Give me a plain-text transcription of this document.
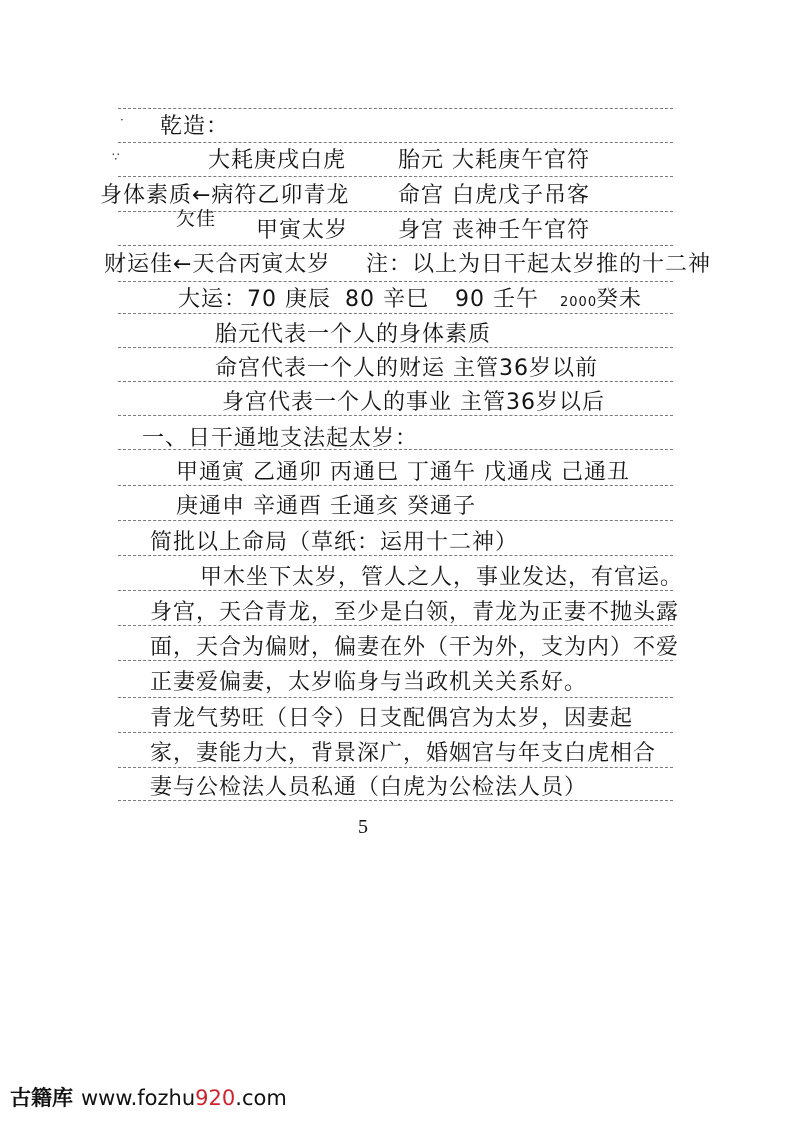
·
∵
乾造：
大耗庚戌白虎 胎元 大耗庚午官符
身体素质←病符乙卯青龙
欠佳
命宫 白虎戊子吊客
甲寅太岁 身宫 丧神壬午官符
财运佳←天合丙寅太岁 注：以上为日干起太岁推的十二神
大运：70 庚辰 80 辛巳 90 壬午 2000
癸未
胎元代表一个人的身体素质
命宫代表一个人的财运 主管36岁以前
身宫代表一个人的事业 主管36岁以后
一、日干通地支法起太岁：
甲通寅 乙通卯 丙通巳 丁通午 戊通戌 己通丑
庚通申 辛通酉 壬通亥 癸通子
简批以上命局（草纸：运用十二神）
甲木坐下太岁，管人之人，事业发达，有官运。
身宫，天合青龙，至少是白领，青龙为正妻不抛头露
面，天合为偏财，偏妻在外（干为外，支为内）不爱
正妻爱偏妻，太岁临身与当政机关关系好。
青龙气势旺（日令）日支配偶宫为太岁，因妻起
家，妻能力大，背景深广，婚姻宫与年支白虎相合
妻与公检法人员私通（白虎为公检法人员）
5
古籍库 www.fozhu920.com
